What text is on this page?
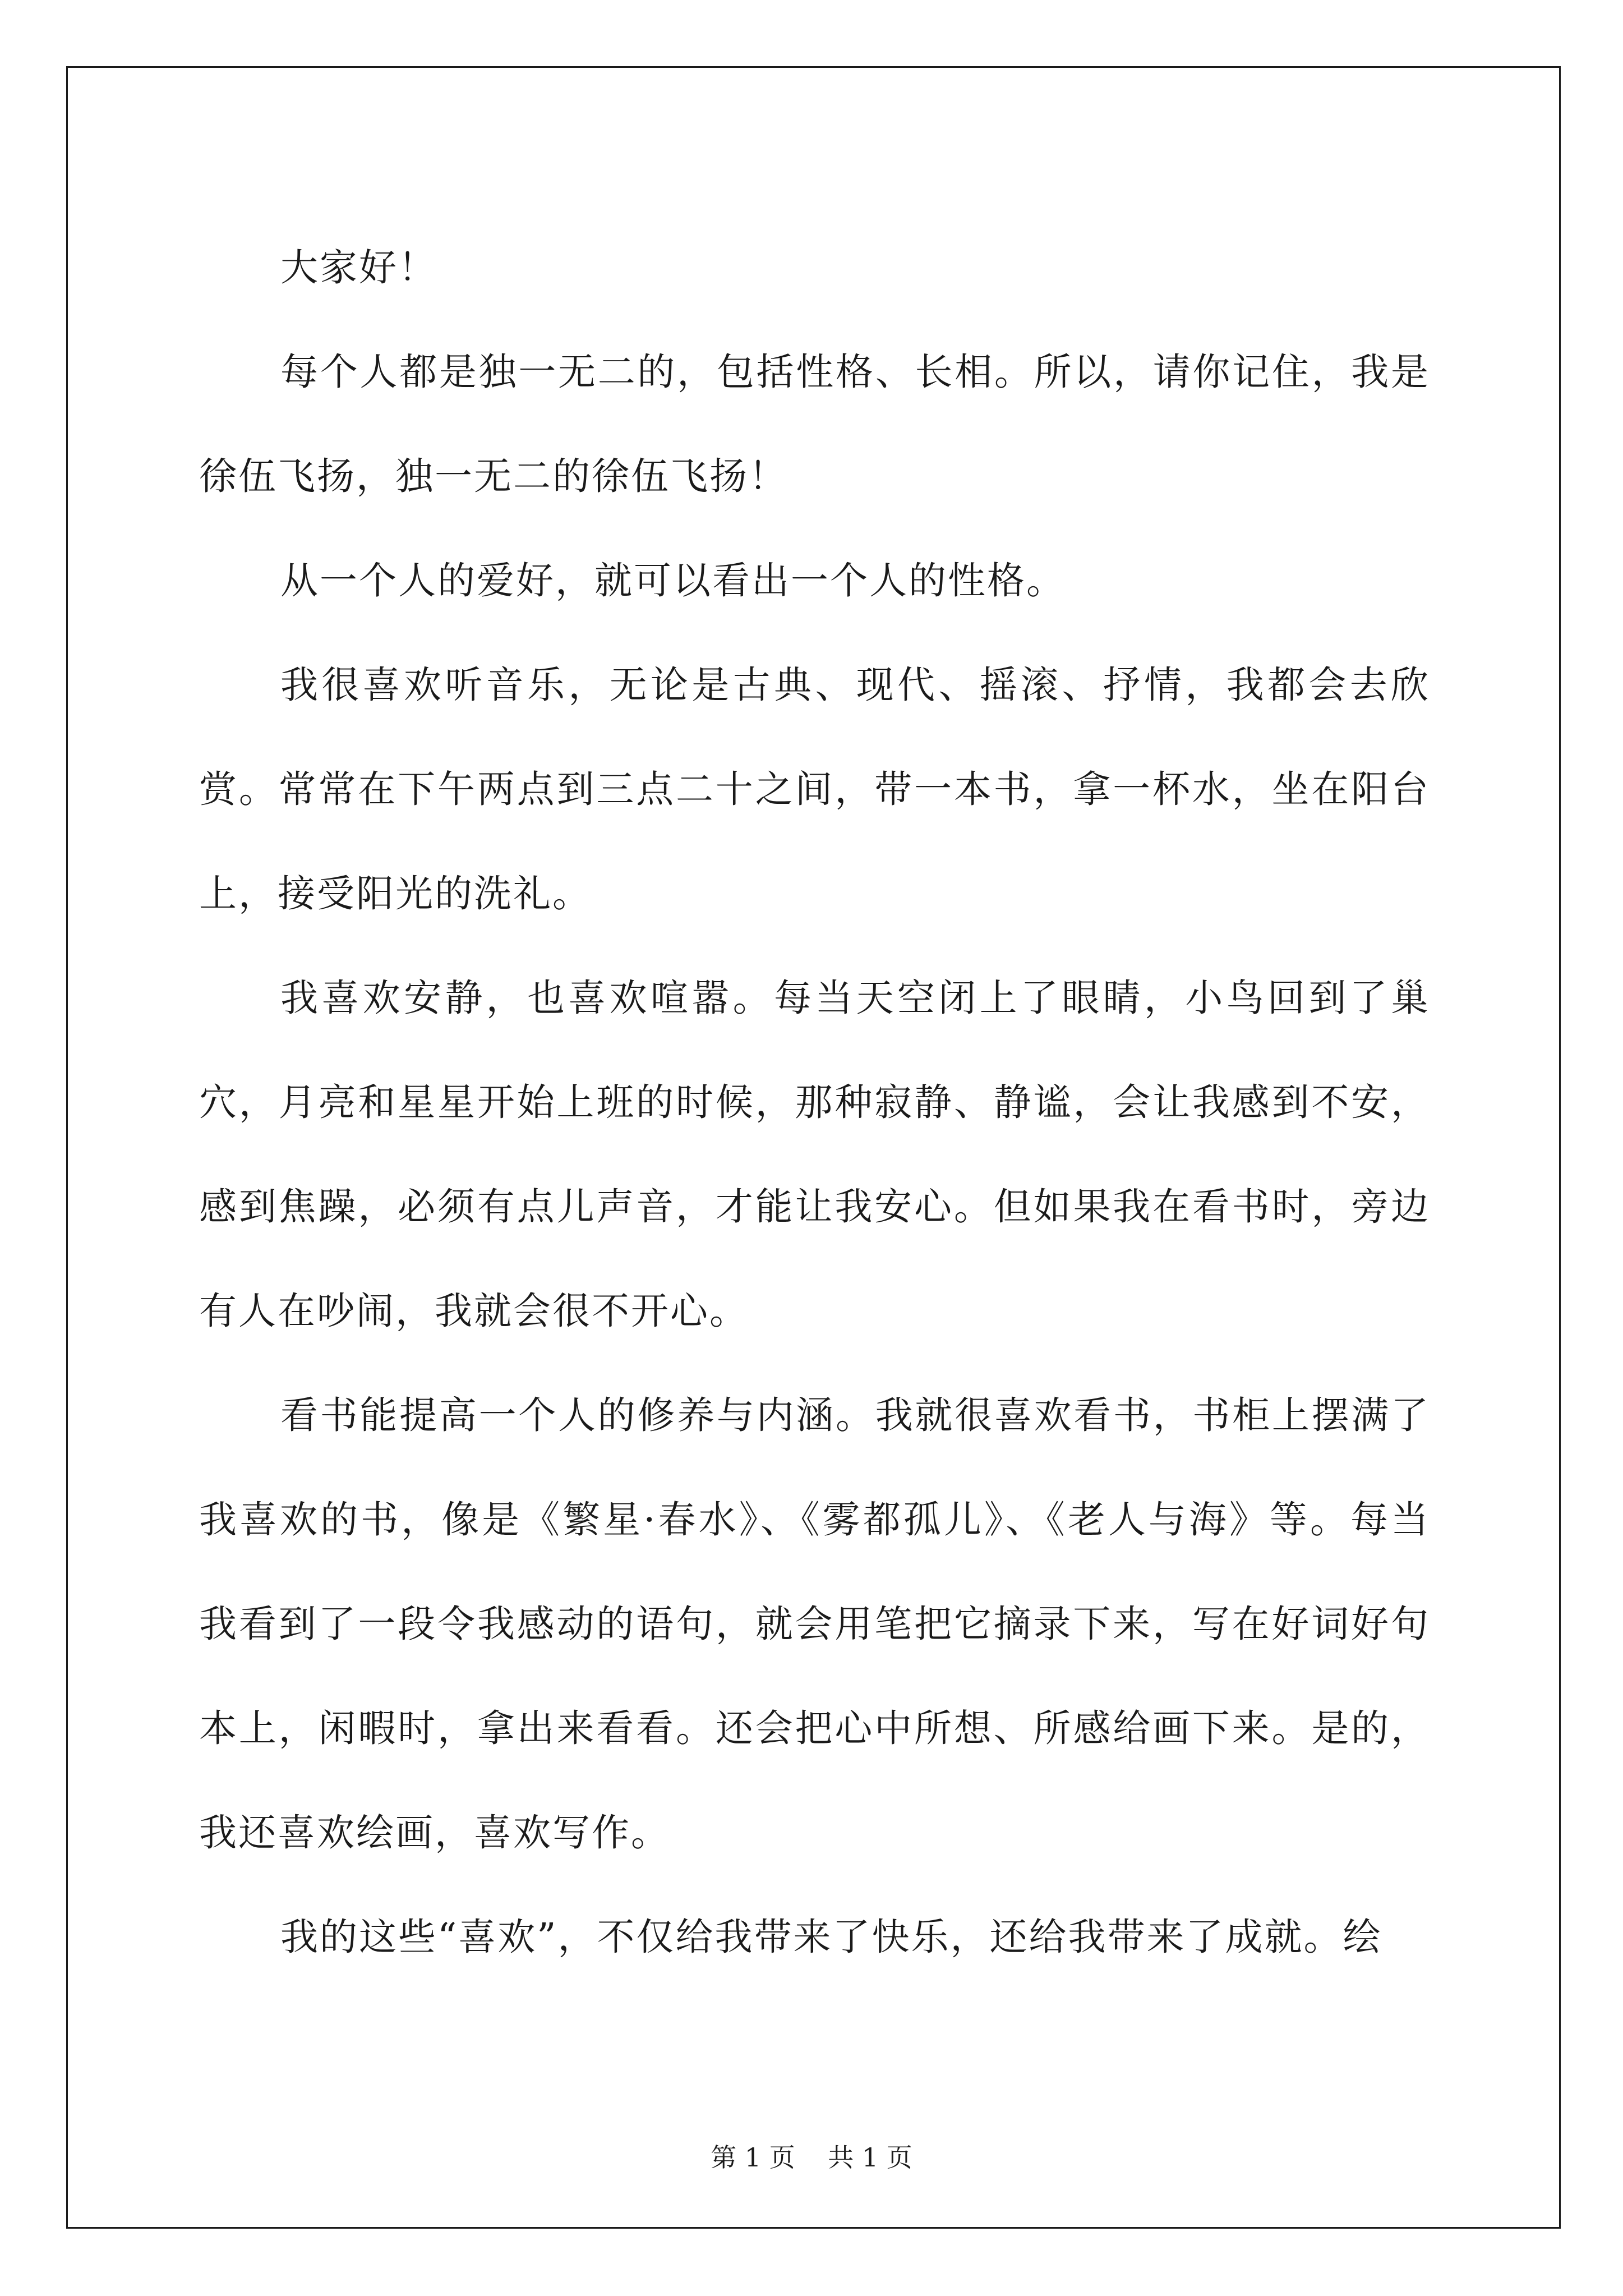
大家好！

每个人都是独一无二的，包括性格、长相。所以，请你记住，我是徐伍飞扬，独一无二的徐伍飞扬！

从一个人的爱好，就可以看出一个人的性格。

我很喜欢听音乐，无论是古典、现代、摇滚、抒情，我都会去欣赏。常常在下午两点到三点二十之间，带一本书，拿一杯水，坐在阳台上，接受阳光的洗礼。

我喜欢安静，也喜欢喧嚣。每当天空闭上了眼睛，小鸟回到了巢穴，月亮和星星开始上班的时候，那种寂静、静谧，会让我感到不安，感到焦躁，必须有点儿声音，才能让我安心。但如果我在看书时，旁边有人在吵闹，我就会很不开心。

看书能提高一个人的修养与内涵。我就很喜欢看书，书柜上摆满了我喜欢的书，像是《繁星·春水》、《雾都孤儿》、《老人与海》等。每当我看到了一段令我感动的语句，就会用笔把它摘录下来，写在好词好句本上，闲暇时，拿出来看看。还会把心中所想、所感给画下来。是的，我还喜欢绘画，喜欢写作。

我的这些“喜欢”，不仅给我带来了快乐，还给我带来了成就。绘

第 1 页    共 1 页
